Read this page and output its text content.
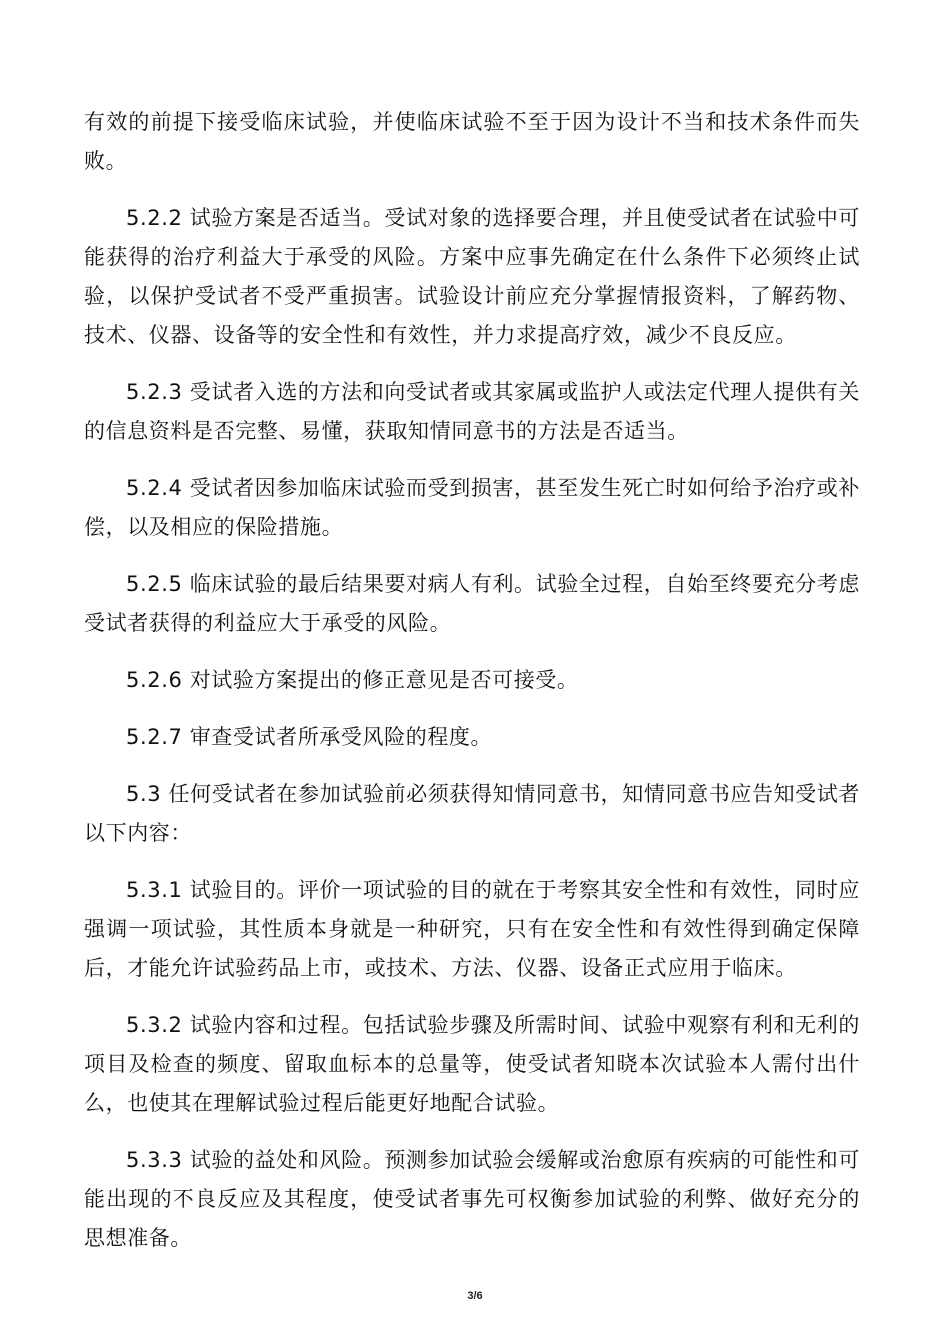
有效的前提下接受临床试验，并使临床试验不至于因为设计不当和技术条件而失败。

5.2.2 试验方案是否适当。受试对象的选择要合理，并且使受试者在试验中可能获得的治疗利益大于承受的风险。方案中应事先确定在什么条件下必须终止试验，以保护受试者不受严重损害。试验设计前应充分掌握情报资料，了解药物、技术、仪器、设备等的安全性和有效性，并力求提高疗效，减少不良反应。

5.2.3 受试者入选的方法和向受试者或其家属或监护人或法定代理人提供有关的信息资料是否完整、易懂，获取知情同意书的方法是否适当。

5.2.4 受试者因参加临床试验而受到损害，甚至发生死亡时如何给予治疗或补偿，以及相应的保险措施。

5.2.5 临床试验的最后结果要对病人有利。试验全过程，自始至终要充分考虑受试者获得的利益应大于承受的风险。

5.2.6 对试验方案提出的修正意见是否可接受。

5.2.7 审查受试者所承受风险的程度。

5.3 任何受试者在参加试验前必须获得知情同意书，知情同意书应告知受试者以下内容：

5.3.1 试验目的。评价一项试验的目的就在于考察其安全性和有效性，同时应强调一项试验，其性质本身就是一种研究，只有在安全性和有效性得到确定保障后，才能允许试验药品上市，或技术、方法、仪器、设备正式应用于临床。

5.3.2 试验内容和过程。包括试验步骤及所需时间、试验中观察有利和无利的项目及检查的频度、留取血标本的总量等，使受试者知晓本次试验本人需付出什么，也使其在理解试验过程后能更好地配合试验。

5.3.3 试验的益处和风险。预测参加试验会缓解或治愈原有疾病的可能性和可能出现的不良反应及其程度，使受试者事先可权衡参加试验的利弊、做好充分的思想准备。

3/6
